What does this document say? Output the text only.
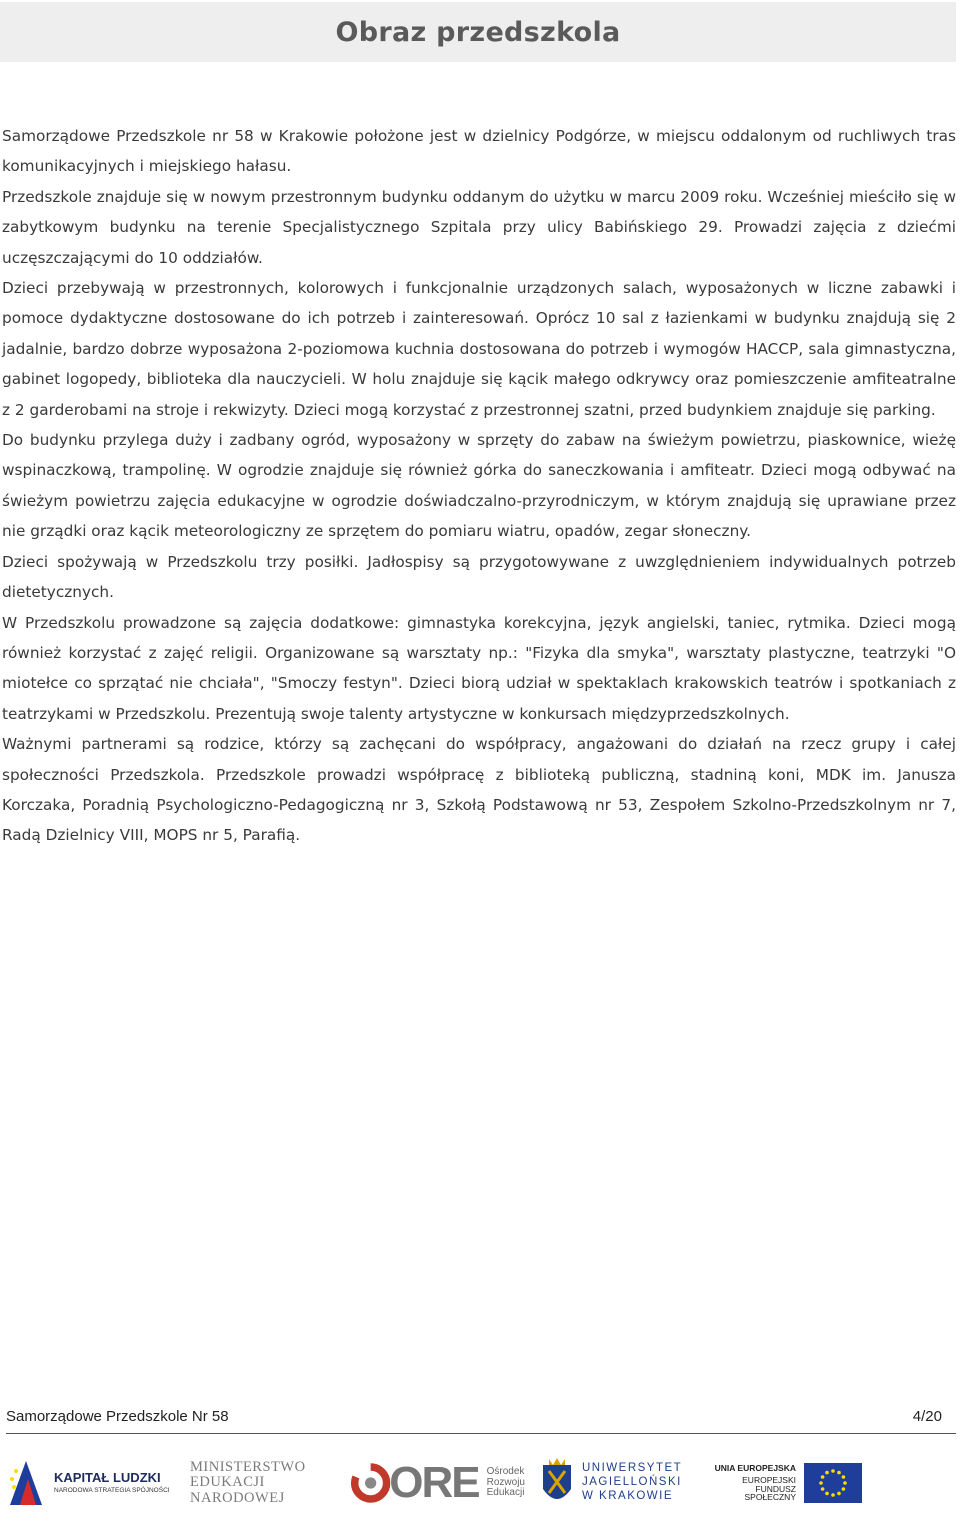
Obraz przedszkola

Samorządowe Przedszkole nr 58 w Krakowie położone jest w dzielnicy Podgórze, w miejscu oddalonym od ruchliwych tras komunikacyjnych i miejskiego hałasu.

Przedszkole znajduje się w nowym przestronnym budynku oddanym do użytku w marcu 2009 roku. Wcześniej mieściło się w zabytkowym budynku na terenie Specjalistycznego Szpitala przy ulicy Babińskiego 29. Prowadzi zajęcia z dziećmi uczęszczającymi do 10 oddziałów.

Dzieci przebywają w przestronnych, kolorowych i funkcjonalnie urządzonych salach, wyposażonych w liczne zabawki i pomoce dydaktyczne dostosowane do ich potrzeb i zainteresowań. Oprócz 10 sal z łazienkami w budynku znajdują się 2 jadalnie, bardzo dobrze wyposażona 2-poziomowa kuchnia dostosowana do potrzeb i wymogów HACCP, sala gimnastyczna, gabinet logopedy, biblioteka dla nauczycieli. W holu znajduje się kącik małego odkrywcy oraz pomieszczenie amfiteatralne z 2 garderobami na stroje i rekwizyty. Dzieci mogą korzystać z przestronnej szatni, przed budynkiem znajduje się parking.

Do budynku przylega duży i zadbany ogród, wyposażony w sprzęty do zabaw na świeżym powietrzu, piaskownice, wieżę wspinaczkową, trampolinę. W ogrodzie znajduje się również górka do saneczkowania i amfiteatr. Dzieci mogą odbywać na świeżym powietrzu zajęcia edukacyjne w ogrodzie doświadczalno-przyrodniczym, w którym znajdują się uprawiane przez nie grządki oraz kącik meteorologiczny ze sprzętem do pomiaru wiatru, opadów, zegar słoneczny.

Dzieci spożywają w Przedszkolu trzy posiłki. Jadłospisy są przygotowywane z uwzględnieniem indywidualnych potrzeb dietetycznych.

W Przedszkolu prowadzone są zajęcia dodatkowe: gimnastyka korekcyjna, język angielski, taniec, rytmika. Dzieci mogą również korzystać z zajęć religii. Organizowane są warsztaty np.: "Fizyka dla smyka", warsztaty plastyczne, teatrzyki "O miotełce co sprzątać nie chciała", "Smoczy festyn". Dzieci biorą udział w spektaklach krakowskich teatrów i spotkaniach z teatrzykami w Przedszkolu. Prezentują swoje talenty artystyczne w konkursach międzyprzedszkolnych.

Ważnymi partnerami są rodzice, którzy są zachęcani do współpracy, angażowani do działań na rzecz grupy i całej społeczności Przedszkola. Przedszkole prowadzi współpracę z biblioteką publiczną, stadniną koni, MDK im. Janusza Korczaka, Poradnią Psychologiczno-Pedagogiczną nr 3, Szkołą Podstawową nr 53, Zespołem Szkolno-Przedszkolnym nr 7, Radą Dzielnicy VIII, MOPS nr 5, Parafią.

Samorządowe Przedszkole Nr 58	4/20
KAPITAŁ LUDZKI
NARODOWA STRATEGIA SPÓJNOŚCI
MINISTERSTWO
EDUKACJI
NARODOWEJ	ORE Ośrodek
Rozwoju
Edukacji
UNIWERSYTET
JAGIELLOŃSKI
W KRAKOWIE
UNIA EUROPEJSKA
EUROPEJSKI
FUNDUSZ SPOŁECZNY
